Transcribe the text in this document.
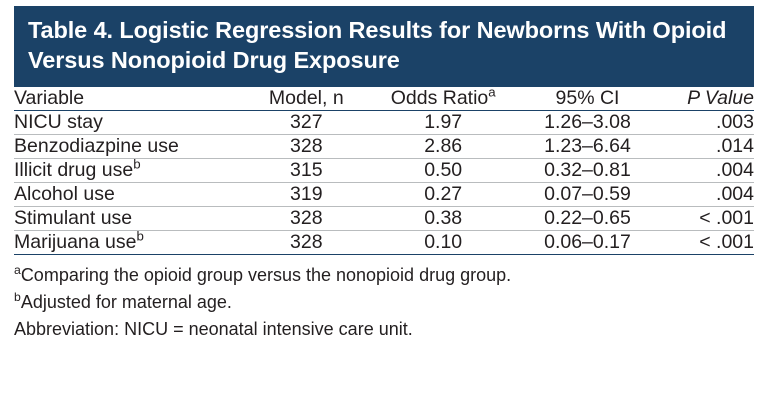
Table 4. Logistic Regression Results for Newborns With Opioid Versus Nonopioid Drug Exposure
Variable	Model, n	Odds Ratio$^a$	95% CI	P Value
NICU stay	327	1.97	1.26–3.08	.003
Benzodiazpine use	328	2.86	1.23–6.64	.014
Illicit drug use$^b$	315	0.50	0.32–0.81	.004
Alcohol use	319	0.27	0.07–0.59	.004
Stimulant use	328	0.38	0.22–0.65	< .001
Marijuana use$^b$	328	0.10	0.06–0.17	< .001
$^a$Comparing the opioid group versus the nonopioid drug group.
$^b$Adjusted for maternal age.
Abbreviation: NICU = neonatal intensive care unit.
